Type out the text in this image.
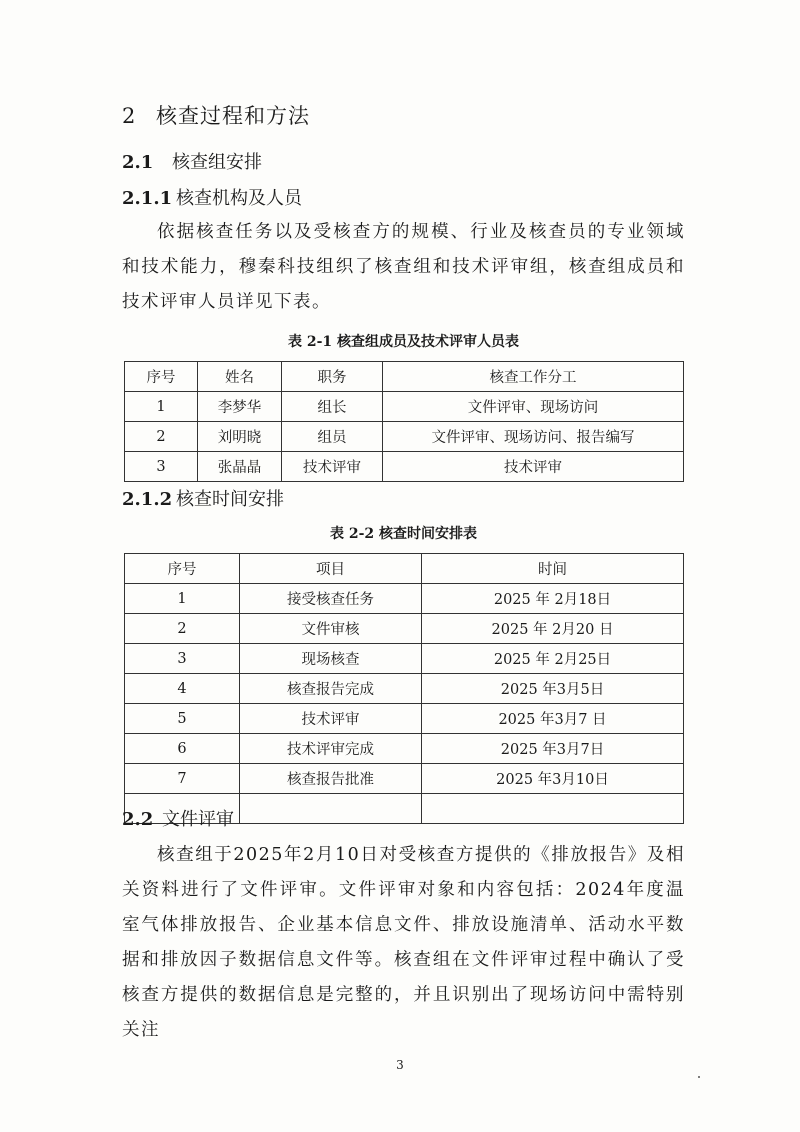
2 核查过程和方法
2.1 核查组安排
2.1.1 核查机构及人员

依据核查任务以及受核查方的规模、行业及核查员的专业领域和技术能力，穆秦科技组织了核查组和技术评审组，核查组成员和技术评审人员详见下表。

表 2-1 核查组成员及技术评审人员表
序号	姓名	职务	核查工作分工
1	李梦华	组长	文件评审、现场访问
2	刘明晓	组员	文件评审、现场访问、报告编写
3	张晶晶	技术评审	技术评审
2.1.2 核查时间安排
表 2-2 核查时间安排表
序号	项目	时间
1	接受核查任务	2025 年 2月18日
2	文件审核	2025 年 2月20 日
3	现场核查	2025 年 2月25日
4	核查报告完成	2025 年3月5日
5	技术评审	2025 年3月7 日
6	技术评审完成	2025 年3月7日
7	核查报告批准	2025 年3月10日

2.2 文件评审

核查组于2025年2月10日对受核查方提供的《排放报告》及相关资料进行了文件评审。文件评审对象和内容包括：2024年度温室气体排放报告、企业基本信息文件、排放设施清单、活动水平数据和排放因子数据信息文件等。核查组在文件评审过程中确认了受核查方提供的数据信息是完整的，并且识别出了现场访问中需特别关注

3
